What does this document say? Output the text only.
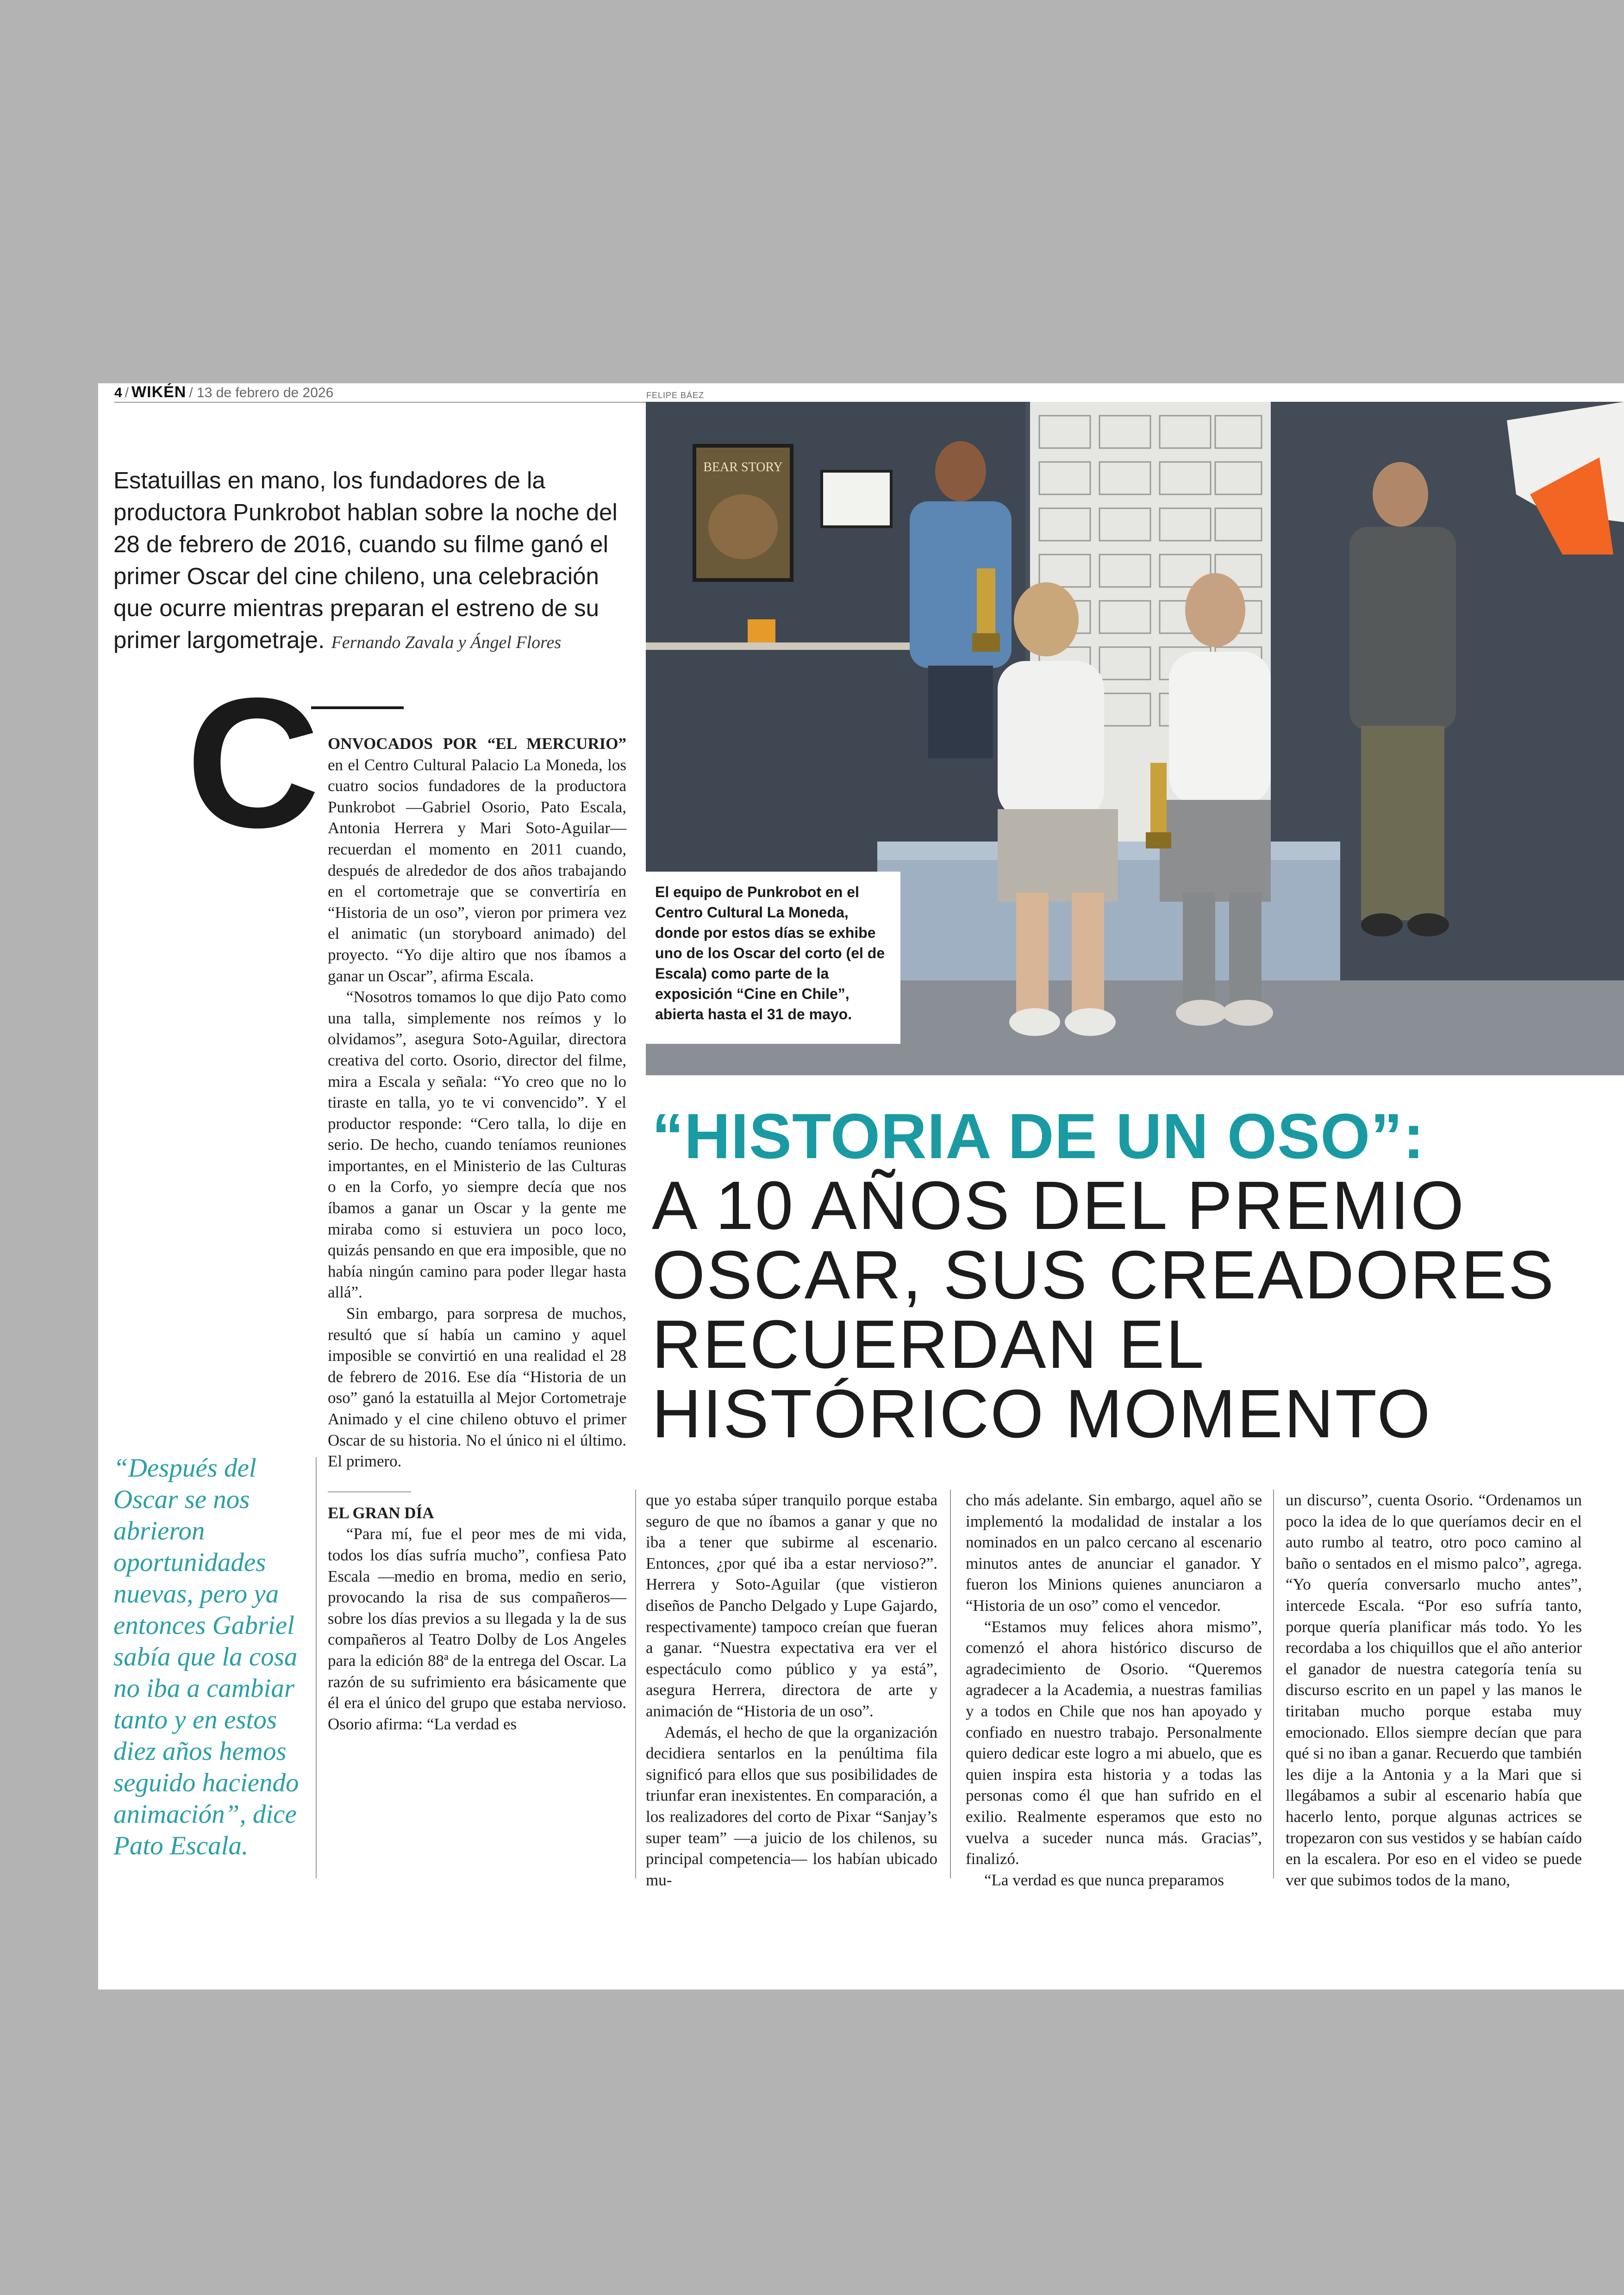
4 / WIKÉN / 13 de febrero de 2026	FELIPE BÁEZ
BEAR STORY
El equipo de Punkrobot en el Centro Cultural La Moneda, donde por estos días se exhibe uno de los Oscar del corto (el de Escala) como parte de la exposición “Cine en Chile”, abierta hasta el 31 de mayo.
Estatuillas en mano, los fundadores de la productora Punkrobot hablan sobre la noche del 28 de febrero de 2016, cuando su filme ganó el primer Oscar del cine chileno, una celebración que ocurre mientras preparan el estreno de su primer largometraje. Fernando Zavala y Ángel Flores
C
“Después del Oscar se nos abrieron oportunidades nuevas, pero ya entonces Gabriel sabía que la cosa no iba a cambiar tanto y en estos diez años hemos seguido haciendo animación”, dice Pato Escala.

ONVOCADOS POR “EL MERCURIO” en el Centro Cultural Palacio La Moneda, los cuatro socios fundadores de la productora Punkrobot —Gabriel Osorio, Pato Escala, Antonia Herrera y Mari Soto-Aguilar— recuerdan el momento en 2011 cuando, después de alrededor de dos años trabajando en el cortometraje que se convertiría en “Historia de un oso”, vieron por primera vez el animatic (un storyboard animado) del proyecto. “Yo dije altiro que nos íbamos a ganar un Oscar”, afirma Escala.

“Nosotros tomamos lo que dijo Pato como una talla, simplemente nos reímos y lo olvidamos”, asegura Soto-Aguilar, directora creativa del corto. Osorio, director del filme, mira a Escala y señala: “Yo creo que no lo tiraste en talla, yo te vi convencido”. Y el productor responde: “Cero talla, lo dije en serio. De hecho, cuando teníamos reuniones importantes, en el Ministerio de las Culturas o en la Corfo, yo siempre decía que nos íbamos a ganar un Oscar y la gente me miraba como si estuviera un poco loco, quizás pensando en que era imposible, que no había ningún camino para poder llegar hasta allá”.

Sin embargo, para sorpresa de muchos, resultó que sí había un camino y aquel imposible se convirtió en una realidad el 28 de febrero de 2016. Ese día “Historia de un oso” ganó la estatuilla al Mejor Cortometraje Animado y el cine chileno obtuvo el primer Oscar de su historia. No el único ni el último. El primero.

EL GRAN DÍA

“Para mí, fue el peor mes de mi vida, todos los días sufría mucho”, confiesa Pato Escala —medio en broma, medio en serio, provocando la risa de sus compañeros— sobre los días previos a su llegada y la de sus compañeros al Teatro Dolby de Los Angeles para la edición 88ª de la entrega del Oscar. La razón de su sufrimiento era básicamente que él era el único del grupo que estaba nervioso. Osorio afirma: “La verdad es

“HISTORIA DE UN OSO”:
A 10 AÑOS DEL PREMIO
OSCAR, SUS CREADORES
RECUERDAN EL
HISTÓRICO MOMENTO

que yo estaba súper tranquilo porque estaba seguro de que no íbamos a ganar y que no iba a tener que subirme al escenario. Entonces, ¿por qué iba a estar nervioso?”. Herrera y Soto-Aguilar (que vistieron diseños de Pancho Delgado y Lupe Gajardo, respectivamente) tampoco creían que fueran a ganar. “Nuestra expectativa era ver el espectáculo como público y ya está”, asegura Herrera, directora de arte y animación de “Historia de un oso”.

Además, el hecho de que la organización decidiera sentarlos en la penúltima fila significó para ellos que sus posibilidades de triunfar eran inexistentes. En comparación, a los realizadores del corto de Pixar “Sanjay’s super team” —a juicio de los chilenos, su principal competencia— los habían ubicado mu-

cho más adelante. Sin embargo, aquel año se implementó la modalidad de instalar a los nominados en un palco cercano al escenario minutos antes de anunciar el ganador. Y fueron los Minions quienes anunciaron a “Historia de un oso” como el vencedor.

“Estamos muy felices ahora mismo”, comenzó el ahora histórico discurso de agradecimiento de Osorio. “Queremos agradecer a la Academia, a nuestras familias y a todos en Chile que nos han apoyado y confiado en nuestro trabajo. Personalmente quiero dedicar este logro a mi abuelo, que es quien inspira esta historia y a todas las personas como él que han sufrido en el exilio. Realmente esperamos que esto no vuelva a suceder nunca más. Gracias”, finalizó.

“La verdad es que nunca preparamos

un discurso”, cuenta Osorio. “Ordenamos un poco la idea de lo que queríamos decir en el auto rumbo al teatro, otro poco camino al baño o sentados en el mismo palco”, agrega. “Yo quería conversarlo mucho antes”, intercede Escala. “Por eso sufría tanto, porque quería planificar más todo. Yo les recordaba a los chiquillos que el año anterior el ganador de nuestra categoría tenía su discurso escrito en un papel y las manos le tiritaban mucho porque estaba muy emocionado. Ellos siempre decían que para qué si no iban a ganar. Recuerdo que también les dije a la Antonia y a la Mari que si llegábamos a subir al escenario había que hacerlo lento, porque algunas actrices se tropezaron con sus vestidos y se habían caído en la escalera. Por eso en el video se puede ver que subimos todos de la mano,
